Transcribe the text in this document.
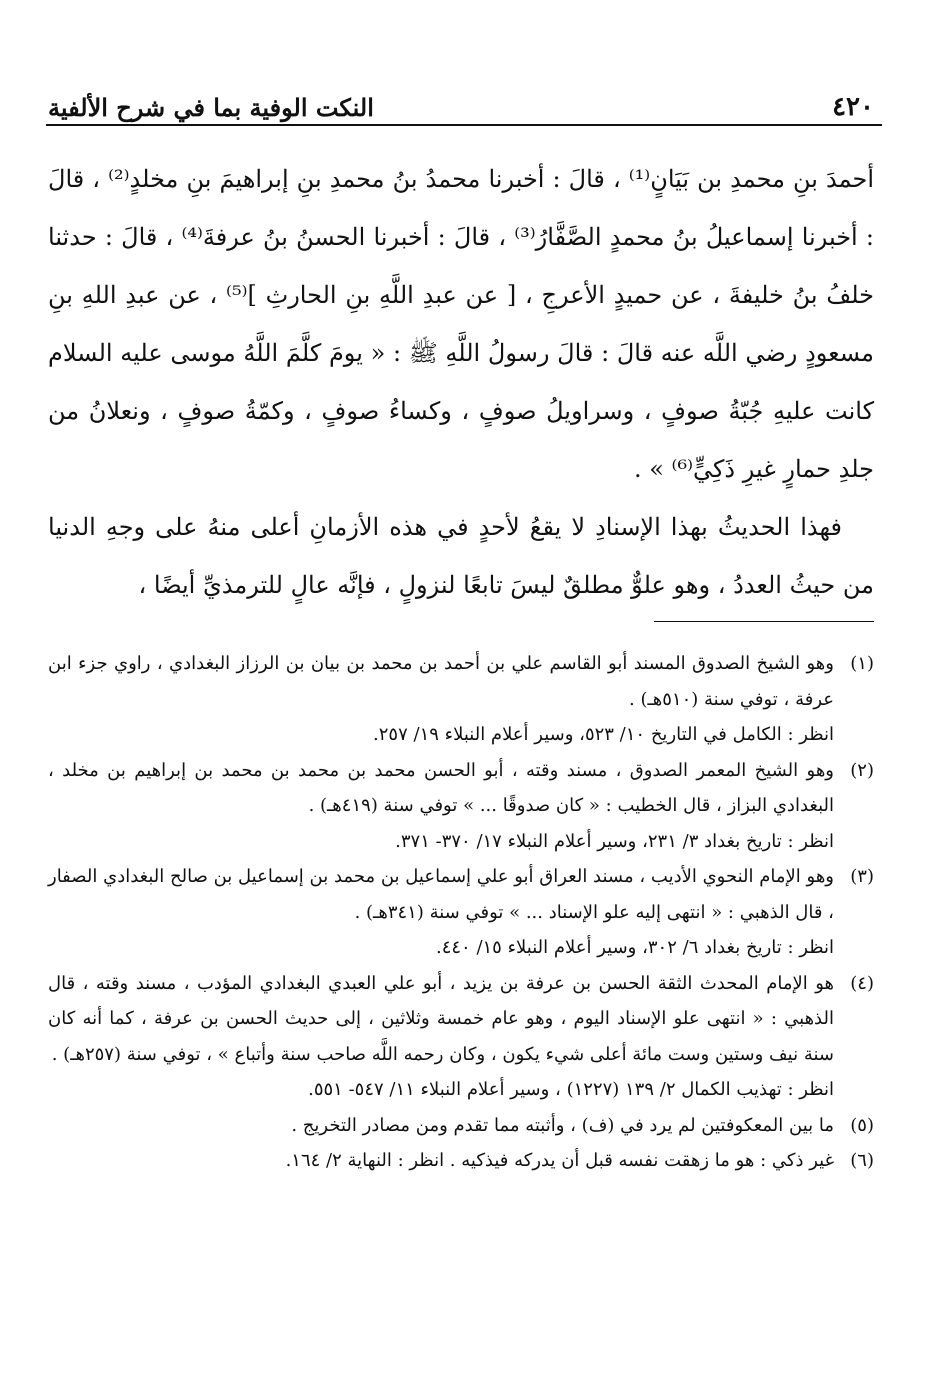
٤٢٠
النكت الوفية بما في شرح الألفية

أحمدَ بنِ محمدِ بن بَيَانٍ⁽¹⁾ ، قالَ : أخبرنا محمدُ بنُ محمدِ بنِ إبراهيمَ بنِ مخلدٍ⁽²⁾ ، قالَ : أخبرنا إسماعيلُ بنُ محمدٍ الصَّفَّارُ⁽³⁾ ، قالَ : أخبرنا الحسنُ بنُ عرفةَ⁽⁴⁾ ، قالَ : حدثنا خلفُ بنُ خليفةَ ، عن حميدٍ الأعرجِ ، [ عن عبدِ اللَّهِ بنِ الحارثِ ]⁽⁵⁾ ، عن عبدِ اللهِ بنِ مسعودٍ رضي اللَّه عنه قالَ : قالَ رسولُ اللَّهِ ﷺ : « يومَ كلَّمَ اللَّهُ موسى عليه السلام كانت عليهِ جُبّةُ صوفٍ ، وسراويلُ صوفٍ ، وكساءُ صوفٍ ، وكمّةُ صوفٍ ، ونعلانُ من جلدِ حمارٍ غيرِ ذَكِيٍّ⁽⁶⁾ » .

فهذا الحديثُ بهذا الإسنادِ لا يقعُ لأحدٍ في هذه الأزمانِ أعلى منهُ على وجهِ الدنيا من حيثُ العددُ ، وهو علوٌّ مطلقٌ ليسَ تابعًا لنزولٍ ، فإنَّه عالٍ للترمذيِّ أيضًا ،

(١)
وهو الشيخ الصدوق المسند أبو القاسم علي بن أحمد بن محمد بن بيان بن الرزاز البغدادي ، راوي جزء ابن عرفة ، توفي سنة (٥١٠هـ) .
انظر : الكامل في التاريخ ١٠/ ٥٢٣، وسير أعلام النبلاء ١٩/ ٢٥٧.
(٢)
وهو الشيخ المعمر الصدوق ، مسند وقته ، أبو الحسن محمد بن محمد بن محمد بن إبراهيم بن مخلد ، البغدادي البزاز ، قال الخطيب : « كان صدوقًا ... » توفي سنة (٤١٩هـ) .
انظر : تاريخ بغداد ٣/ ٢٣١، وسير أعلام النبلاء ١٧/ ٣٧٠- ٣٧١.
(٣)
وهو الإمام النحوي الأديب ، مسند العراق أبو علي إسماعيل بن محمد بن إسماعيل بن صالح البغدادي الصفار ، قال الذهبي : « انتهى إليه علو الإسناد ... » توفي سنة (٣٤١هـ) .
انظر : تاريخ بغداد ٦/ ٣٠٢، وسير أعلام النبلاء ١٥/ ٤٤٠.
(٤)
هو الإمام المحدث الثقة الحسن بن عرفة بن يزيد ، أبو علي العبدي البغدادي المؤدب ، مسند وقته ، قال الذهبي : « انتهى علو الإسناد اليوم ، وهو عام خمسة وثلاثين ، إلى حديث الحسن بن عرفة ، كما أنه كان سنة نيف وستين وست مائة أعلى شيء يكون ، وكان رحمه اللَّه صاحب سنة وأتباع » ، توفي سنة (٢٥٧هـ) .
انظر : تهذيب الكمال ٢/ ١٣٩ (١٢٢٧) ، وسير أعلام النبلاء ١١/ ٥٤٧- ٥٥١.
(٥)
ما بين المعكوفتين لم يرد في (ف) ، وأثبته مما تقدم ومن مصادر التخريج .
(٦)
غير ذكي : هو ما زهقت نفسه قبل أن يدركه فيذكيه . انظر : النهاية ٢/ ١٦٤.
